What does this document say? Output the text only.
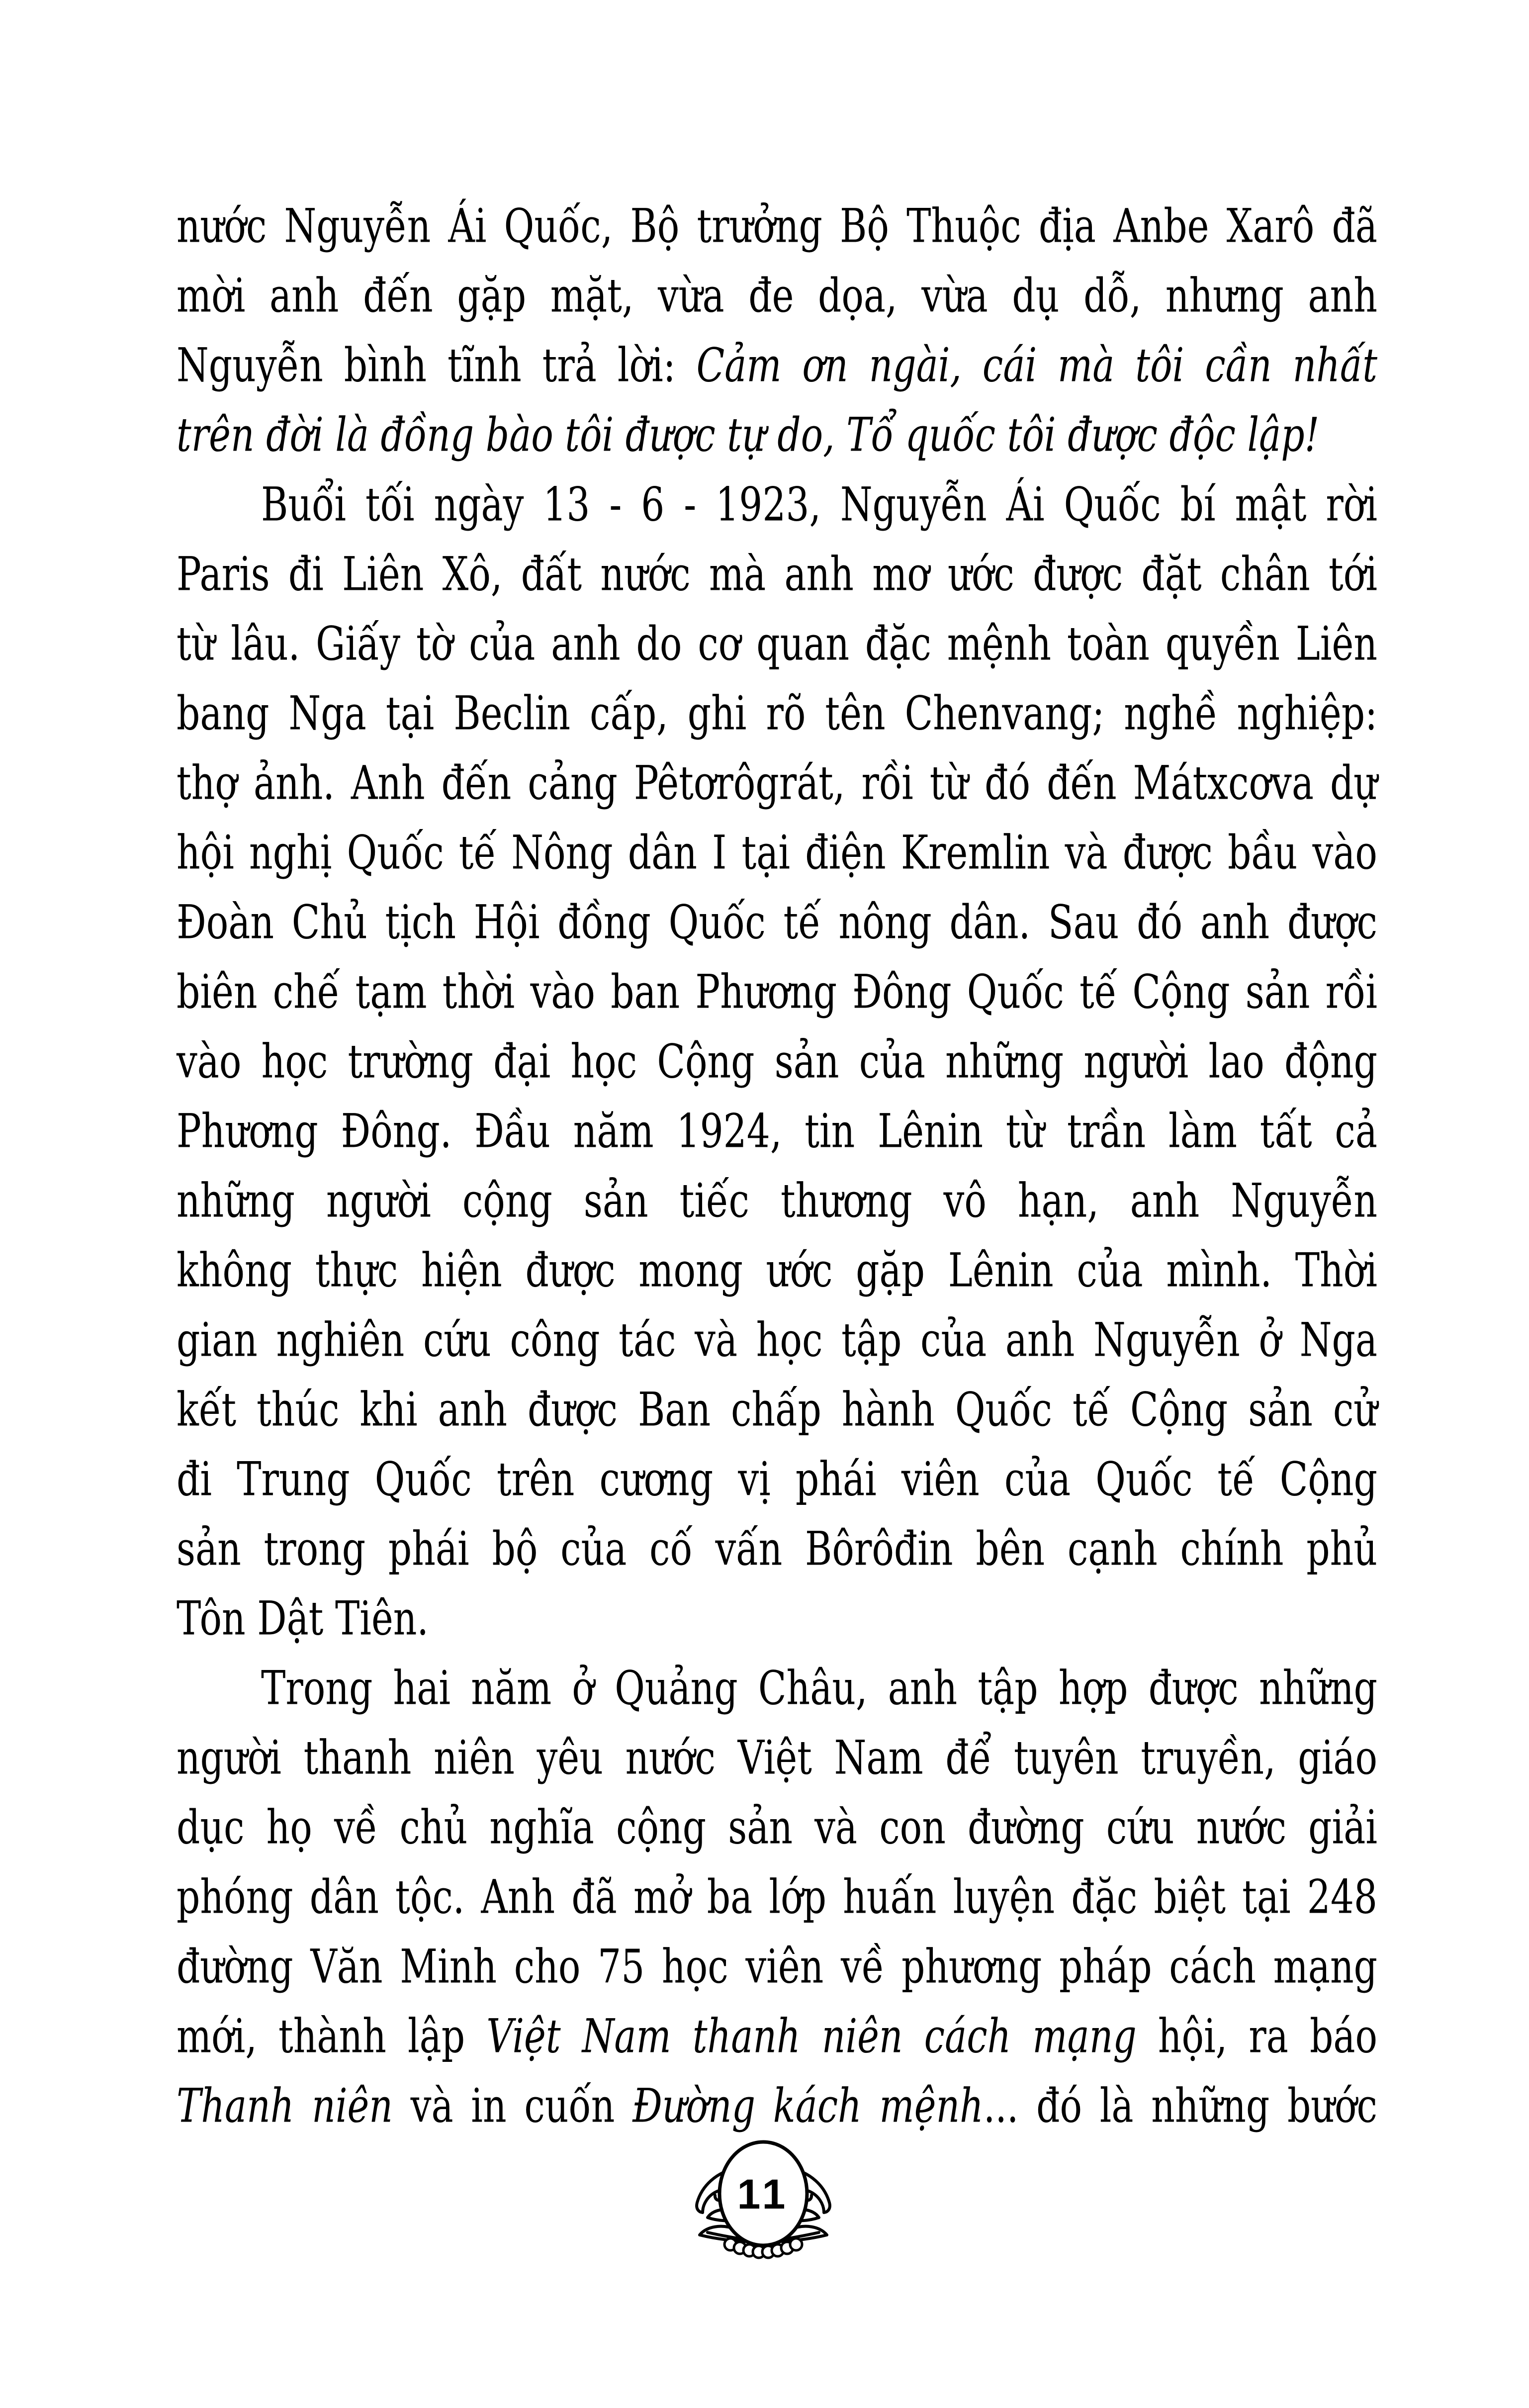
nước Nguyễn Ái Quốc, Bộ trưởng Bộ Thuộc địa Anbe Xarô đã
mời anh đến gặp mặt, vừa đe dọa, vừa dụ dỗ, nhưng anh
Nguyễn bình tĩnh trả lời: Cảm ơn ngài, cái mà tôi cần nhất
trên đời là đồng bào tôi được tự do, Tổ quốc tôi được độc lập!
Buổi tối ngày 13 - 6 - 1923, Nguyễn Ái Quốc bí mật rời
Paris đi Liên Xô, đất nước mà anh mơ ước được đặt chân tới
từ lâu. Giấy tờ của anh do cơ quan đặc mệnh toàn quyền Liên
bang Nga tại Beclin cấp, ghi rõ tên Chenvang; nghề nghiệp:
thợ ảnh. Anh đến cảng Pêtơrôgrát, rồi từ đó đến Mátxcơva dự
hội nghị Quốc tế Nông dân I tại điện Kremlin và được bầu vào
Đoàn Chủ tịch Hội đồng Quốc tế nông dân. Sau đó anh được
biên chế tạm thời vào ban Phương Đông Quốc tế Cộng sản rồi
vào học trường đại học Cộng sản của những người lao động
Phương Đông. Đầu năm 1924, tin Lênin từ trần làm tất cả
những người cộng sản tiếc thương vô hạn, anh Nguyễn
không thực hiện được mong ước gặp Lênin của mình. Thời
gian nghiên cứu công tác và học tập của anh Nguyễn ở Nga
kết thúc khi anh được Ban chấp hành Quốc tế Cộng sản cử
đi Trung Quốc trên cương vị phái viên của Quốc tế Cộng
sản trong phái bộ của cố vấn Bôrôđin bên cạnh chính phủ
Tôn Dật Tiên.
Trong hai năm ở Quảng Châu, anh tập hợp được những
người thanh niên yêu nước Việt Nam để tuyên truyền, giáo
dục họ về chủ nghĩa cộng sản và con đường cứu nước giải
phóng dân tộc. Anh đã mở ba lớp huấn luyện đặc biệt tại 248
đường Văn Minh cho 75 học viên về phương pháp cách mạng
mới, thành lập Việt Nam thanh niên cách mạng hội, ra báo
Thanh niên và in cuốn Đường kách mệnh... đó là những bước
11
